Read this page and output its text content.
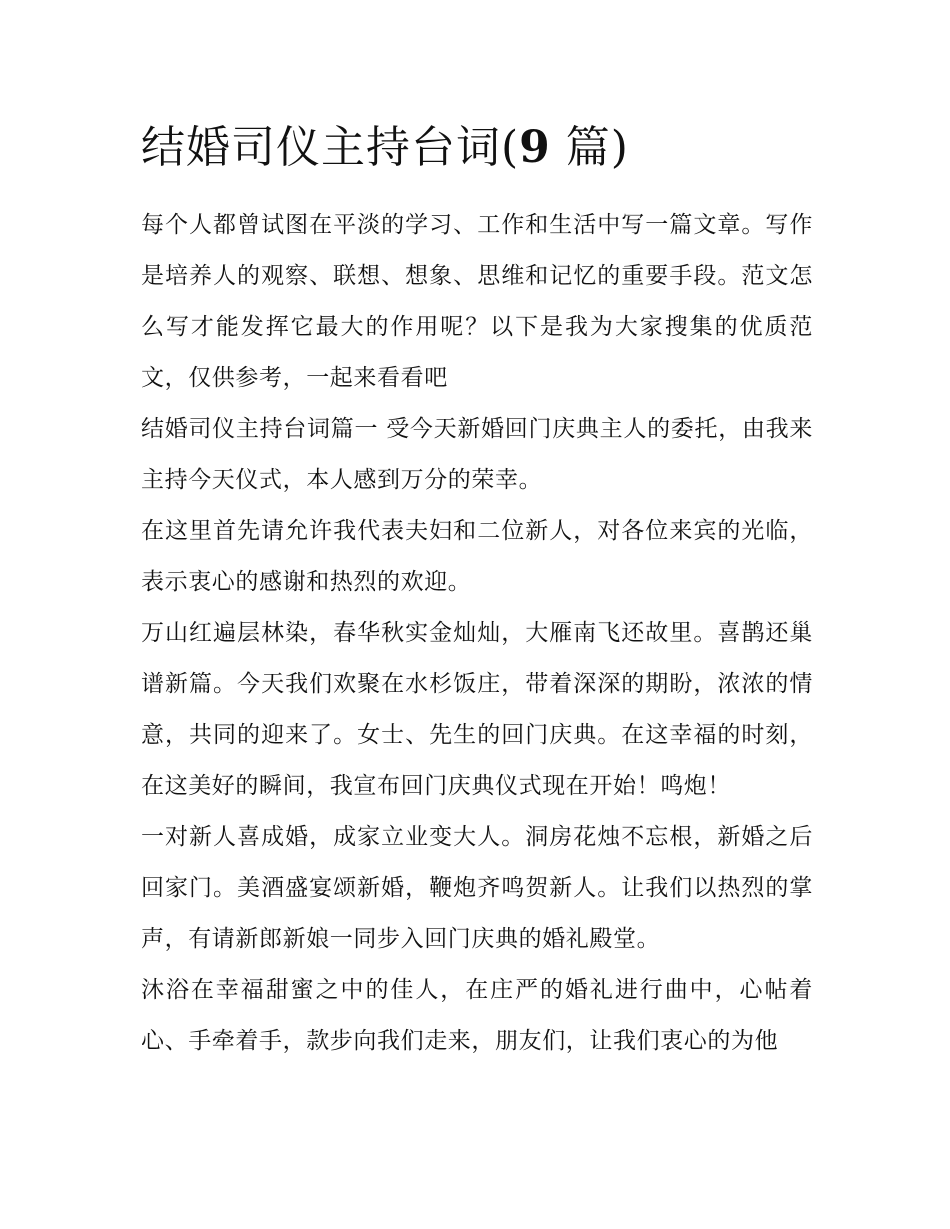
结婚司仪主持台词(9 篇)

每个人都曾试图在平淡的学习、工作和生活中写一篇文章。写作是培养人的观察、联想、想象、思维和记忆的重要手段。范文怎么写才能发挥它最大的作用呢？以下是我为大家搜集的优质范文，仅供参考，一起来看看吧

结婚司仪主持台词篇一 受今天新婚回门庆典主人的委托，由我来主持今天仪式，本人感到万分的荣幸。

在这里首先请允许我代表夫妇和二位新人，对各位来宾的光临，表示衷心的感谢和热烈的欢迎。

万山红遍层林染，春华秋实金灿灿，大雁南飞还故里。喜鹊还巢谱新篇。今天我们欢聚在水杉饭庄，带着深深的期盼，浓浓的情意，共同的迎来了。女士、先生的回门庆典。在这幸福的时刻，在这美好的瞬间，我宣布回门庆典仪式现在开始！鸣炮！

一对新人喜成婚，成家立业变大人。洞房花烛不忘根，新婚之后回家门。美酒盛宴颂新婚，鞭炮齐鸣贺新人。让我们以热烈的掌声，有请新郎新娘一同步入回门庆典的婚礼殿堂。

沐浴在幸福甜蜜之中的佳人，在庄严的婚礼进行曲中，心帖着心、手牵着手，款步向我们走来，朋友们，让我们衷心的为他
